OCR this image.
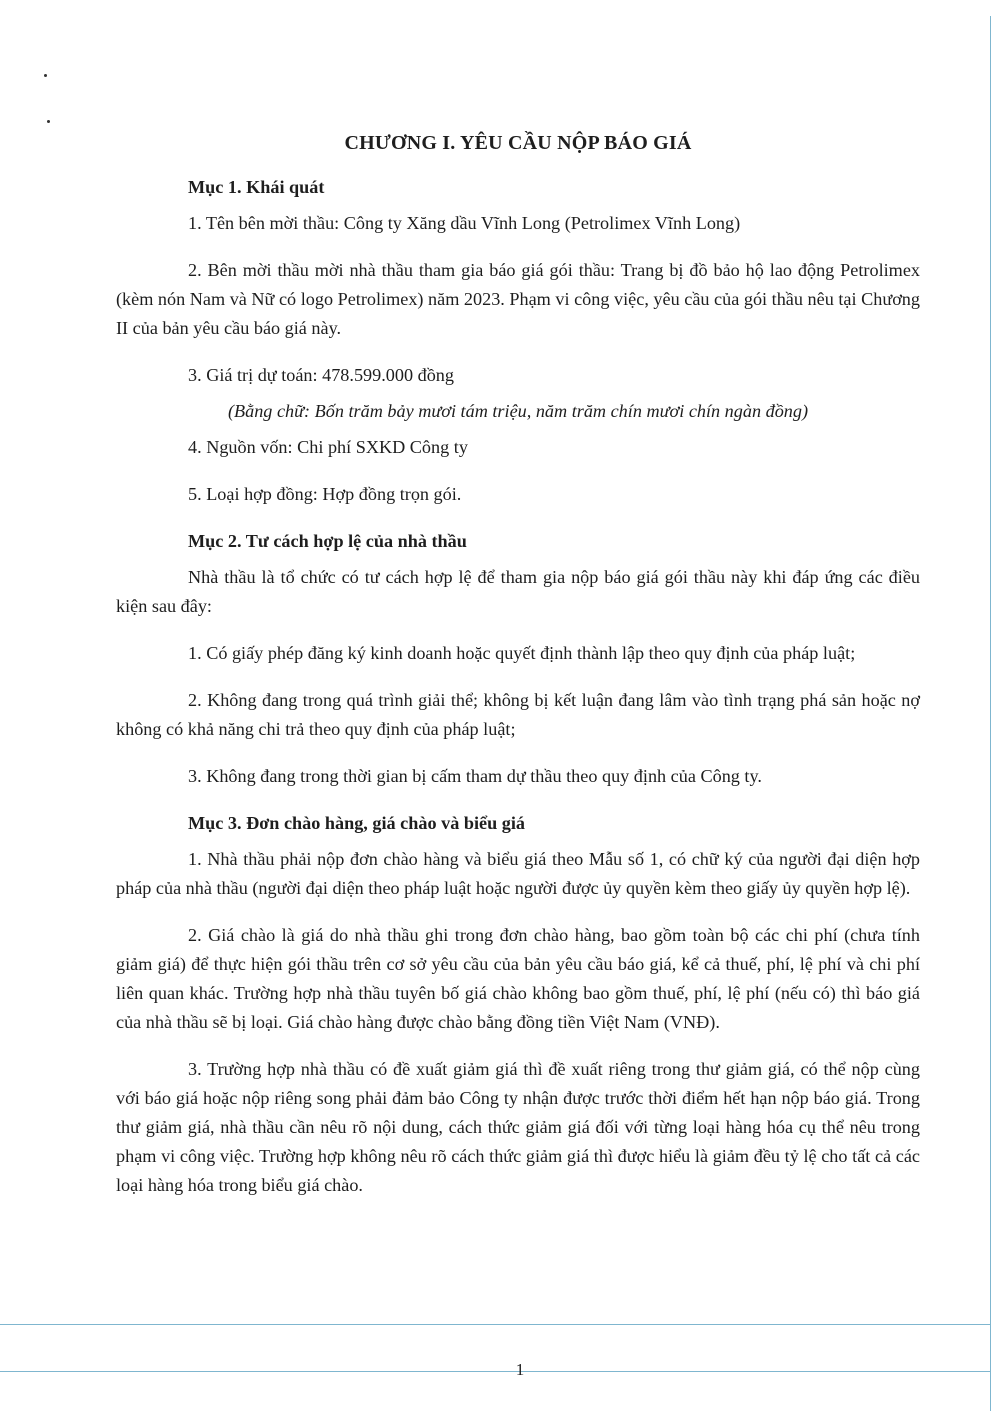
CHƯƠNG I. YÊU CẦU NỘP BÁO GIÁ

Mục 1. Khái quát

1. Tên bên mời thầu: Công ty Xăng dầu Vĩnh Long (Petrolimex Vĩnh Long)

2. Bên mời thầu mời nhà thầu tham gia báo giá gói thầu: Trang bị đồ bảo hộ lao động Petrolimex (kèm nón Nam và Nữ có logo Petrolimex) năm 2023. Phạm vi công việc, yêu cầu của gói thầu nêu tại Chương II của bản yêu cầu báo giá này.

3. Giá trị dự toán: 478.599.000 đồng

(Bằng chữ: Bốn trăm bảy mươi tám triệu, năm trăm chín mươi chín ngàn đồng)

4. Nguồn vốn: Chi phí SXKD Công ty

5. Loại hợp đồng: Hợp đồng trọn gói.

Mục 2. Tư cách hợp lệ của nhà thầu

Nhà thầu là tổ chức có tư cách hợp lệ để tham gia nộp báo giá gói thầu này khi đáp ứng các điều kiện sau đây:

1. Có giấy phép đăng ký kinh doanh hoặc quyết định thành lập theo quy định của pháp luật;

2. Không đang trong quá trình giải thể; không bị kết luận đang lâm vào tình trạng phá sản hoặc nợ không có khả năng chi trả theo quy định của pháp luật;

3. Không đang trong thời gian bị cấm tham dự thầu theo quy định của Công ty.

Mục 3. Đơn chào hàng, giá chào và biểu giá

1. Nhà thầu phải nộp đơn chào hàng và biểu giá theo Mẫu số 1, có chữ ký của người đại diện hợp pháp của nhà thầu (người đại diện theo pháp luật hoặc người được ủy quyền kèm theo giấy ủy quyền hợp lệ).

2. Giá chào là giá do nhà thầu ghi trong đơn chào hàng, bao gồm toàn bộ các chi phí (chưa tính giảm giá) để thực hiện gói thầu trên cơ sở yêu cầu của bản yêu cầu báo giá, kể cả thuế, phí, lệ phí và chi phí liên quan khác. Trường hợp nhà thầu tuyên bố giá chào không bao gồm thuế, phí, lệ phí (nếu có) thì báo giá của nhà thầu sẽ bị loại. Giá chào hàng được chào bằng đồng tiền Việt Nam (VNĐ).

3. Trường hợp nhà thầu có đề xuất giảm giá thì đề xuất riêng trong thư giảm giá, có thể nộp cùng với báo giá hoặc nộp riêng song phải đảm bảo Công ty nhận được trước thời điểm hết hạn nộp báo giá. Trong thư giảm giá, nhà thầu cần nêu rõ nội dung, cách thức giảm giá đối với từng loại hàng hóa cụ thể nêu trong phạm vi công việc. Trường hợp không nêu rõ cách thức giảm giá thì được hiểu là giảm đều tỷ lệ cho tất cả các loại hàng hóa trong biểu giá chào.

1
